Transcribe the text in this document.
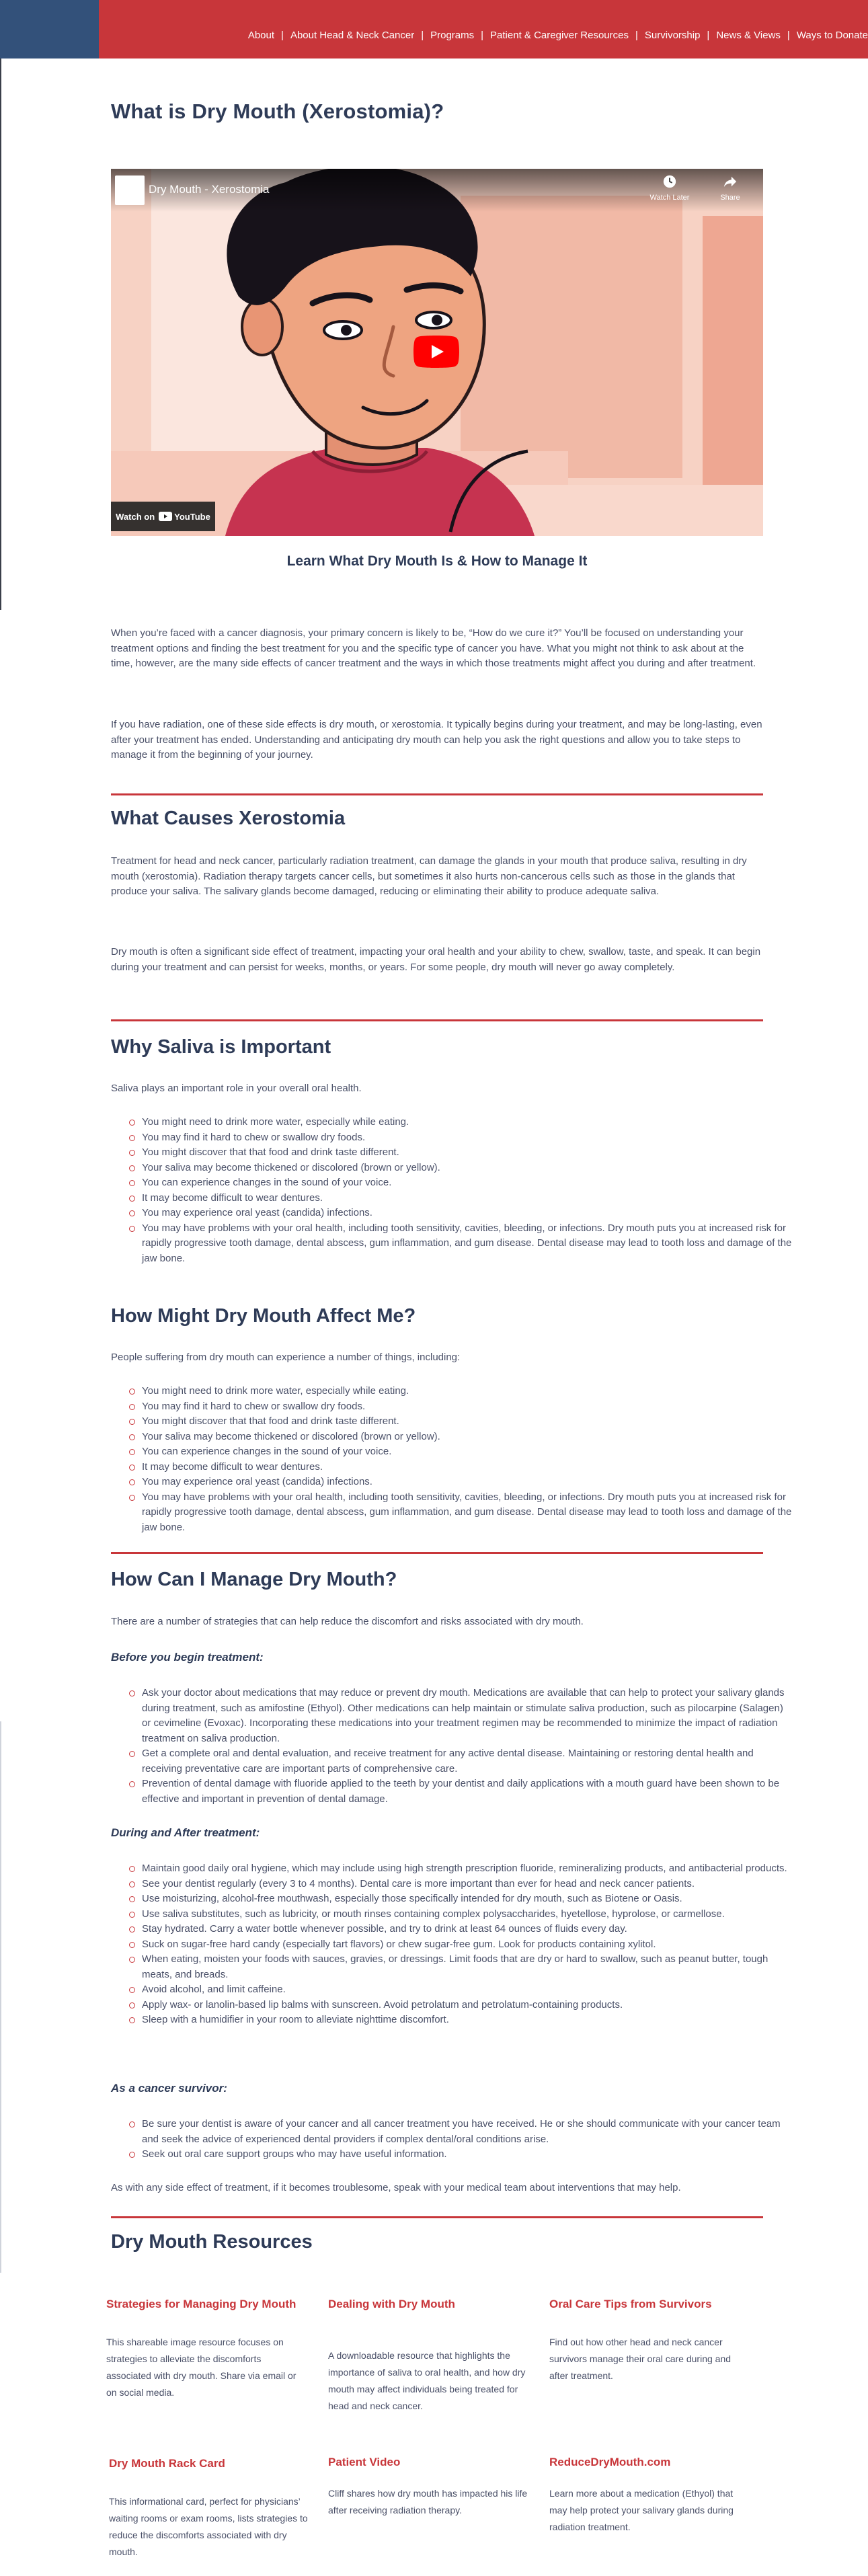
About | About Head & Neck Cancer | Programs | Patient & Caregiver Resources | Survivorship | News & Views | Ways to Donate
What is Dry Mouth (Xerostomia)?
Dry Mouth - Xerostomia
Watch Later	Share
Watch on YouTube
Learn What Dry Mouth Is & How to Manage It

When you’re faced with a cancer diagnosis, your primary concern is likely to be, “How do we cure it?” You’ll be focused on understanding your treatment options and finding the best treatment for you and the specific type of cancer you have. What you might not think to ask about at the time, however, are the many side effects of cancer treatment and the ways in which those treatments might affect you during and after treatment.

If you have radiation, one of these side effects is dry mouth, or xerostomia. It typically begins during your treatment, and may be long-lasting, even after your treatment has ended. Understanding and anticipating dry mouth can help you ask the right questions and allow you to take steps to manage it from the beginning of your journey.

What Causes Xerostomia

Treatment for head and neck cancer, particularly radiation treatment, can damage the glands in your mouth that produce saliva, resulting in dry mouth (xerostomia). Radiation therapy targets cancer cells, but sometimes it also hurts non-cancerous cells such as those in the glands that produce your saliva. The salivary glands become damaged, reducing or eliminating their ability to produce adequate saliva.

Dry mouth is often a significant side effect of treatment, impacting your oral health and your ability to chew, swallow, taste, and speak. It can begin during your treatment and can persist for weeks, months, or years. For some people, dry mouth will never go away completely.

Why Saliva is Important

Saliva plays an important role in your overall oral health.

You might need to drink more water, especially while eating.
You may find it hard to chew or swallow dry foods.
You might discover that that food and drink taste different.
Your saliva may become thickened or discolored (brown or yellow).
You can experience changes in the sound of your voice.
It may become difficult to wear dentures.
You may experience oral yeast (candida) infections.
You may have problems with your oral health, including tooth sensitivity, cavities, bleeding, or infections. Dry mouth puts you at increased risk for rapidly progressive tooth damage, dental abscess, gum inflammation, and gum disease. Dental disease may lead to tooth loss and damage of the jaw bone.
How Might Dry Mouth Affect Me?

People suffering from dry mouth can experience a number of things, including:

You might need to drink more water, especially while eating.
You may find it hard to chew or swallow dry foods.
You might discover that that food and drink taste different.
Your saliva may become thickened or discolored (brown or yellow).
You can experience changes in the sound of your voice.
It may become difficult to wear dentures.
You may experience oral yeast (candida) infections.
You may have problems with your oral health, including tooth sensitivity, cavities, bleeding, or infections. Dry mouth puts you at increased risk for rapidly progressive tooth damage, dental abscess, gum inflammation, and gum disease. Dental disease may lead to tooth loss and damage of the jaw bone.
How Can I Manage Dry Mouth?

There are a number of strategies that can help reduce the discomfort and risks associated with dry mouth.

Before you begin treatment:
Ask your doctor about medications that may reduce or prevent dry mouth. Medications are available that can help to protect your salivary glands during treatment, such as amifostine (Ethyol). Other medications can help maintain or stimulate saliva production, such as pilocarpine (Salagen) or cevimeline (Evoxac). Incorporating these medications into your treatment regimen may be recommended to minimize the impact of radiation treatment on saliva production.
Get a complete oral and dental evaluation, and receive treatment for any active dental disease. Maintaining or restoring dental health and receiving preventative care are important parts of comprehensive care.
Prevention of dental damage with fluoride applied to the teeth by your dentist and daily applications with a mouth guard have been shown to be effective and important in prevention of dental damage.
During and After treatment:
Maintain good daily oral hygiene, which may include using high strength prescription fluoride, remineralizing products, and antibacterial products.
See your dentist regularly (every 3 to 4 months). Dental care is more important than ever for head and neck cancer patients.
Use moisturizing, alcohol-free mouthwash, especially those specifically intended for dry mouth, such as Biotene or Oasis.
Use saliva substitutes, such as lubricity, or mouth rinses containing complex polysaccharides, hyetellose, hyprolose, or carmellose.
Stay hydrated. Carry a water bottle whenever possible, and try to drink at least 64 ounces of fluids every day.
Suck on sugar-free hard candy (especially tart flavors) or chew sugar-free gum. Look for products containing xylitol.
When eating, moisten your foods with sauces, gravies, or dressings. Limit foods that are dry or hard to swallow, such as peanut butter, tough meats, and breads.
Avoid alcohol, and limit caffeine.
Apply wax- or lanolin-based lip balms with sunscreen. Avoid petrolatum and petrolatum-containing products.
Sleep with a humidifier in your room to alleviate nighttime discomfort.
As a cancer survivor:
Be sure your dentist is aware of your cancer and all cancer treatment you have received. He or she should communicate with your cancer team and seek the advice of experienced dental providers if complex dental/oral conditions arise.
Seek out oral care support groups who may have useful information.

As with any side effect of treatment, if it becomes troublesome, speak with your medical team about interventions that may help.

Dry Mouth Resources
Strategies for Managing Dry Mouth
This shareable image resource focuses on strategies to alleviate the discomforts associated with dry mouth. Share via email or on social media.
Dealing with Dry Mouth
A downloadable resource that highlights the importance of saliva to oral health, and how dry mouth may affect individuals being treated for head and neck cancer.
Oral Care Tips from Survivors
Find out how other head and neck cancer survivors manage their oral care during and after treatment.
Dry Mouth Rack Card
This informational card, perfect for physicians’ waiting rooms or exam rooms, lists strategies to reduce the discomforts associated with dry mouth.
Patient Video
Cliff shares how dry mouth has impacted his life after receiving radiation therapy.
ReduceDryMouth.com
Learn more about a medication (Ethyol) that may help protect your salivary glands during radiation treatment.
